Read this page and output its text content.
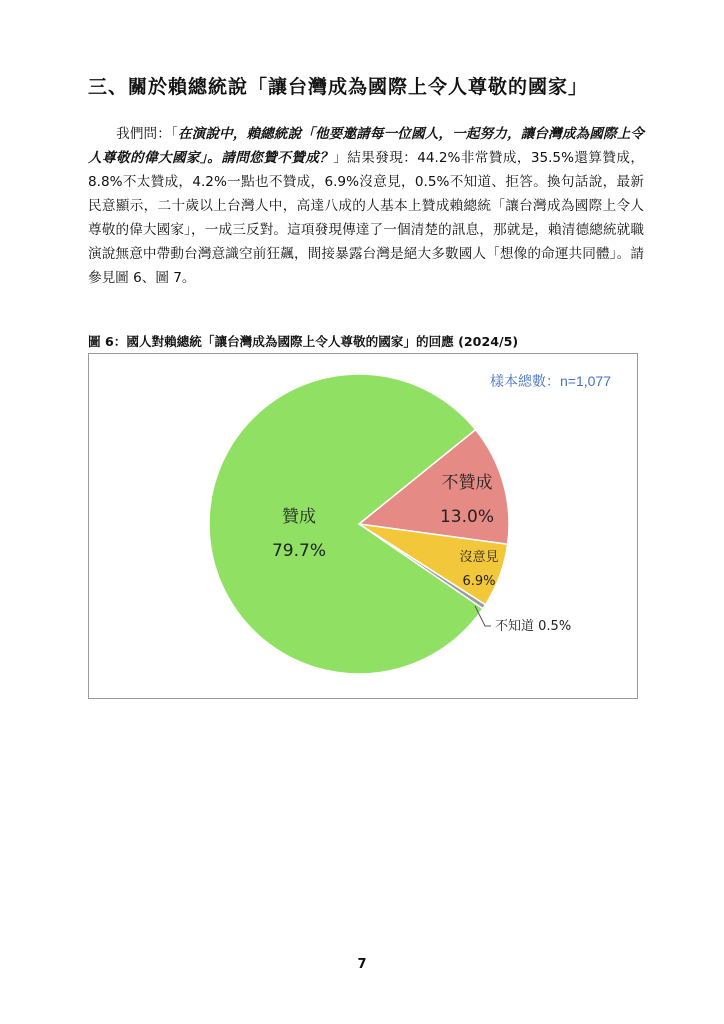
三、關於賴總統說「讓台灣成為國際上令人尊敬的國家」

我們問：「在演說中，賴總統說「他要邀請每一位國人，一起努力，讓台灣成為國際上令人尊敬的偉大國家」。請問您贊不贊成？」結果發現：44.2%非常贊成，35.5%還算贊成，8.8%不太贊成，4.2%一點也不贊成，6.9%沒意見，0.5%不知道、拒答。換句話說，最新民意顯示，二十歲以上台灣人中，高達八成的人基本上贊成賴總統「讓台灣成為國際上令人尊敬的偉大國家」，一成三反對。這項發現傳達了一個清楚的訊息，那就是，賴清德總統就職演說無意中帶動台灣意識空前狂飆，間接暴露台灣是絕大多數國人「想像的命運共同體」。請參見圖 6、圖 7。

圖 6：國人對賴總統「讓台灣成為國際上令人尊敬的國家」的回應 (2024/5)

樣本總數：n=1,077
贊成
79.7%
不贊成
13.0%
沒意見
6.9%
不知道 0.5%
7
